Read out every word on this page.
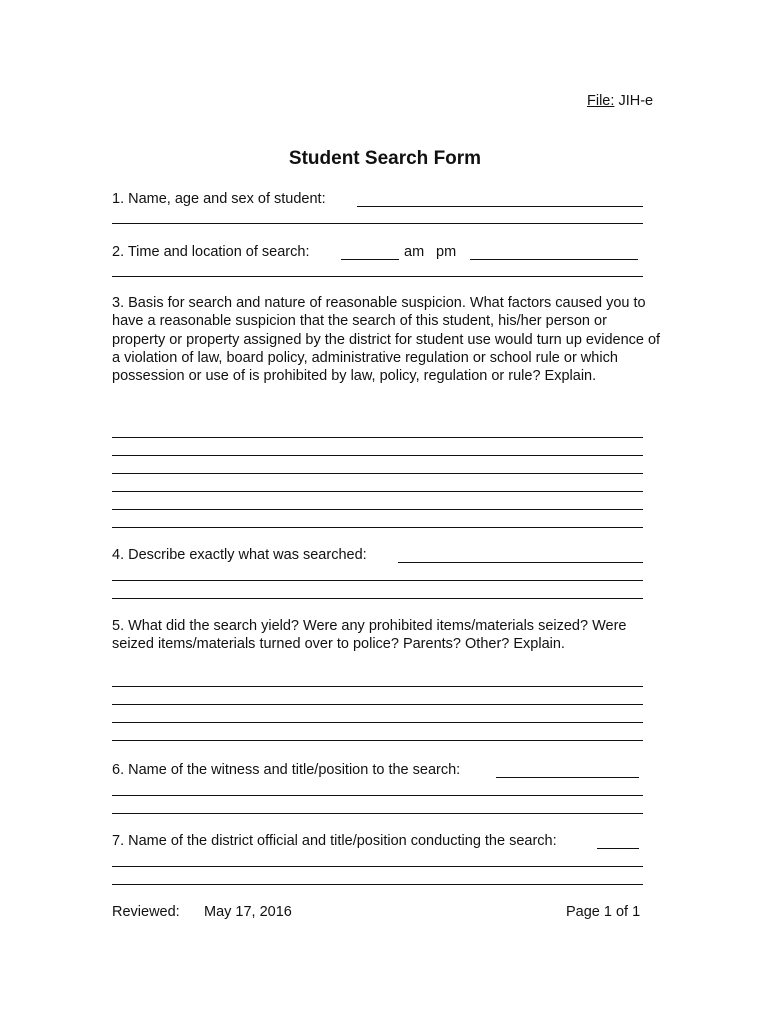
File: JIH-e
Student Search Form
1. Name, age and sex of student:
2. Time and location of search:	am pm
3. Basis for search and nature of reasonable suspicion. What factors caused you to have a reasonable suspicion that the search of this student, his/her person or property or property assigned by the district for student use would turn up evidence of a violation of law, board policy, administrative regulation or school rule or which possession or use of is prohibited by law, policy, regulation or rule? Explain.
4. Describe exactly what was searched:
5. What did the search yield? Were any prohibited items/materials seized? Were seized items/materials turned over to police? Parents? Other? Explain.
6. Name of the witness and title/position to the search:
7. Name of the district official and title/position conducting the search:
Reviewed: May 17, 2016	Page 1 of 1
